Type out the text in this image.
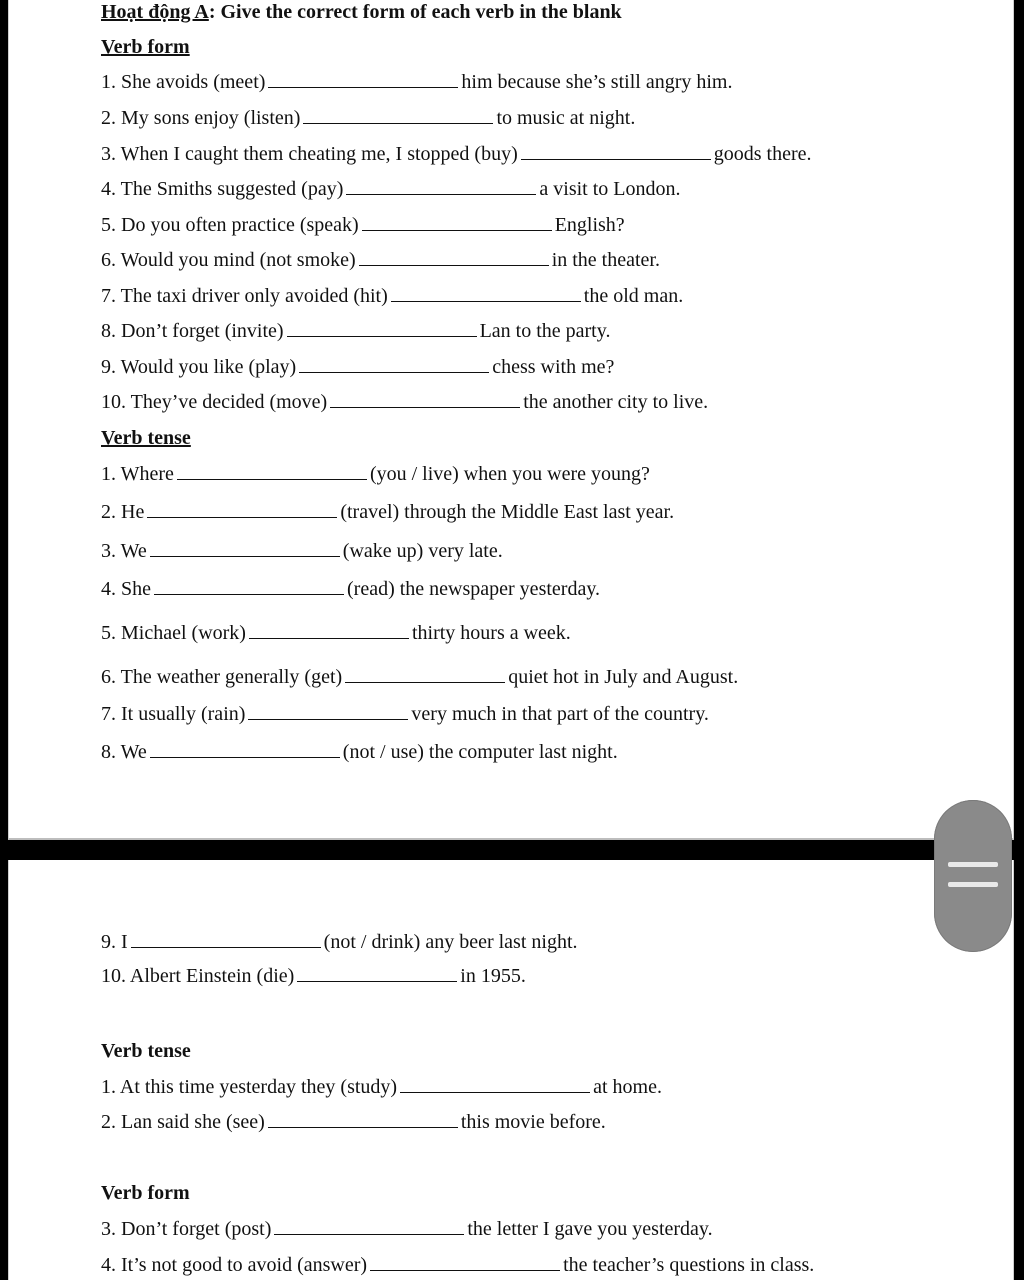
Hoạt động A: Give the correct form of each verb in the blank
Verb form
1. She avoids (meet)	him because she’s still angry him.
2. My sons enjoy (listen)	to music at night.
3. When I caught them cheating me, I stopped (buy)	goods there.
4. The Smiths suggested (pay)	a visit to London.
5. Do you often practice (speak)	English?
6. Would you mind (not smoke)	in the theater.
7. The taxi driver only avoided (hit)	the old man.
8. Don’t forget (invite)	Lan to the party.
9. Would you like (play)	chess with me?
10. They’ve decided (move)	the another city to live.
Verb tense
1. Where	(you / live) when you were young?
2. He	(travel) through the Middle East last year.
3. We	(wake up) very late.
4. She	(read) the newspaper yesterday.
5. Michael (work)	thirty hours a week.
6. The weather generally (get)	quiet hot in July and August.
7. It usually (rain)	very much in that part of the country.
8. We	(not / use) the computer last night.
9. I	(not / drink) any beer last night.
10. Albert Einstein (die)	in 1955.
Verb tense
1. At this time yesterday they (study)	at home.
2. Lan said she (see)	this movie before.
Verb form
3. Don’t forget (post)	the letter I gave you yesterday.
4. It’s not good to avoid (answer)	the teacher’s questions in class.
